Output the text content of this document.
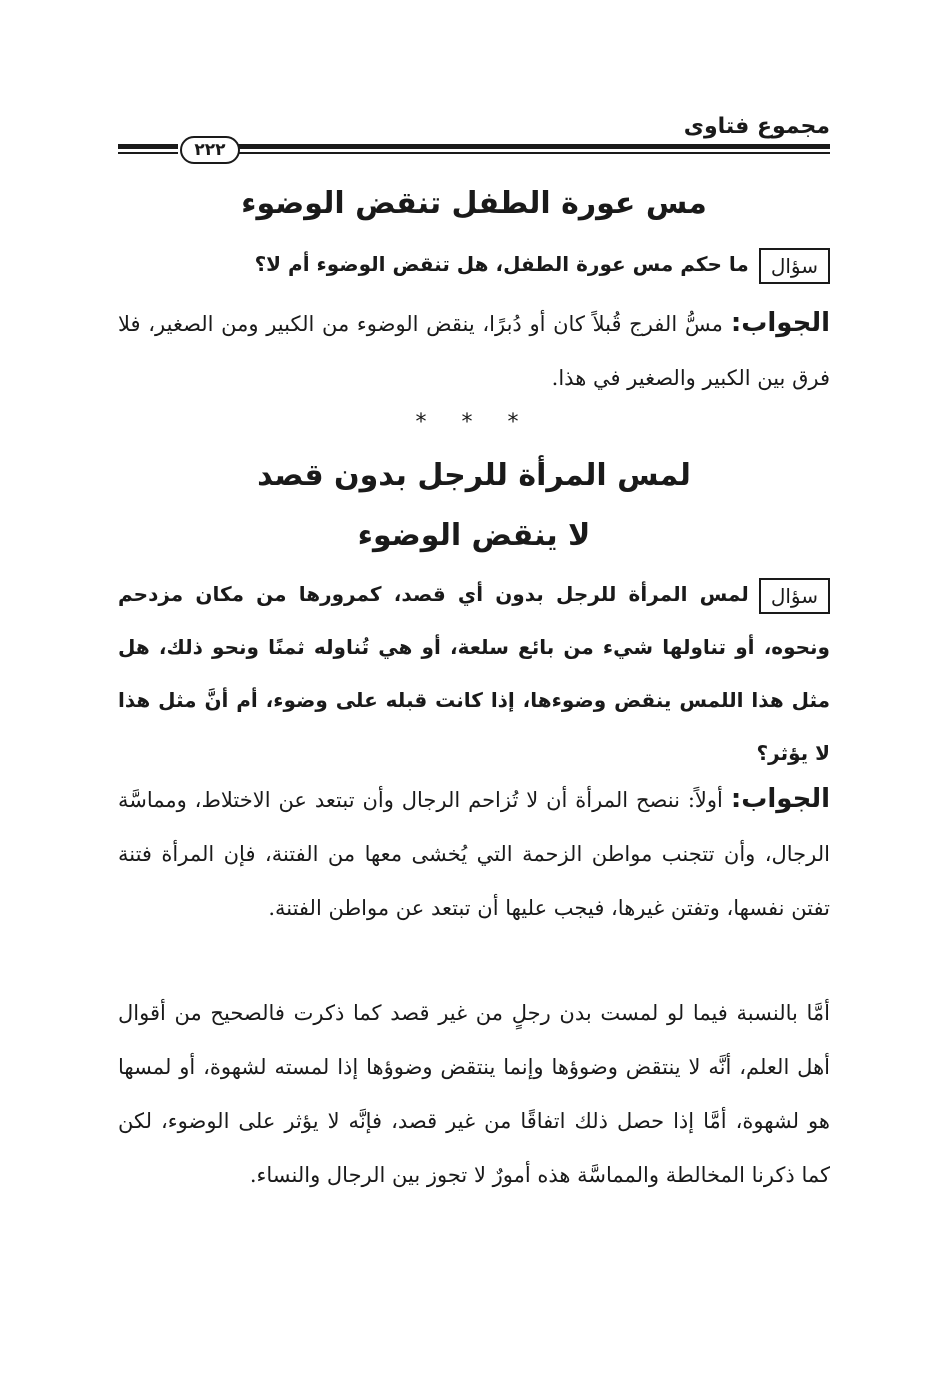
مجموع فتاوى
٢٢٢
مس عورة الطفل تنقض الوضوء
سؤالما حكم مس عورة الطفل، هل تنقض الوضوء أم لا؟
الجواب:مسُّ الفرج قُبلاً كان أو دُبرًا، ينقض الوضوء من الكبير ومن الصغير، فلا فرق بين الكبير والصغير في هذا.
* * *
لمس المرأة للرجل بدون قصد
لا ينقض الوضوء
سؤاللمس المرأة للرجل بدون أي قصد، كمرورها من مكان مزدحم ونحوه، أو تناولها شيء من بائع سلعة، أو هي تُناوله ثمنًا ونحو ذلك، هل مثل هذا اللمس ينقض وضوءها، إذا كانت قبله على وضوء، أم أنَّ مثل هذا لا يؤثر؟
الجواب:أولاً: ننصح المرأة أن لا تُزاحم الرجال وأن تبتعد عن الاختلاط، ومماسَّة الرجال، وأن تتجنب مواطن الزحمة التي يُخشى معها من الفتنة، فإن المرأة فتنة تفتن نفسها، وتفتن غيرها، فيجب عليها أن تبتعد عن مواطن الفتنة.
أمَّا بالنسبة فيما لو لمست بدن رجلٍ من غير قصد كما ذكرت فالصحيح من أقوال أهل العلم، أنَّه لا ينتقض وضوؤها وإنما ينتقض وضوؤها إذا لمسته لشهوة، أو لمسها هو لشهوة، أمَّا إذا حصل ذلك اتفاقًا من غير قصد، فإنَّه لا يؤثر على الوضوء، لكن كما ذكرنا المخالطة والمماسَّة هذه أمورٌ لا تجوز بين الرجال والنساء.
